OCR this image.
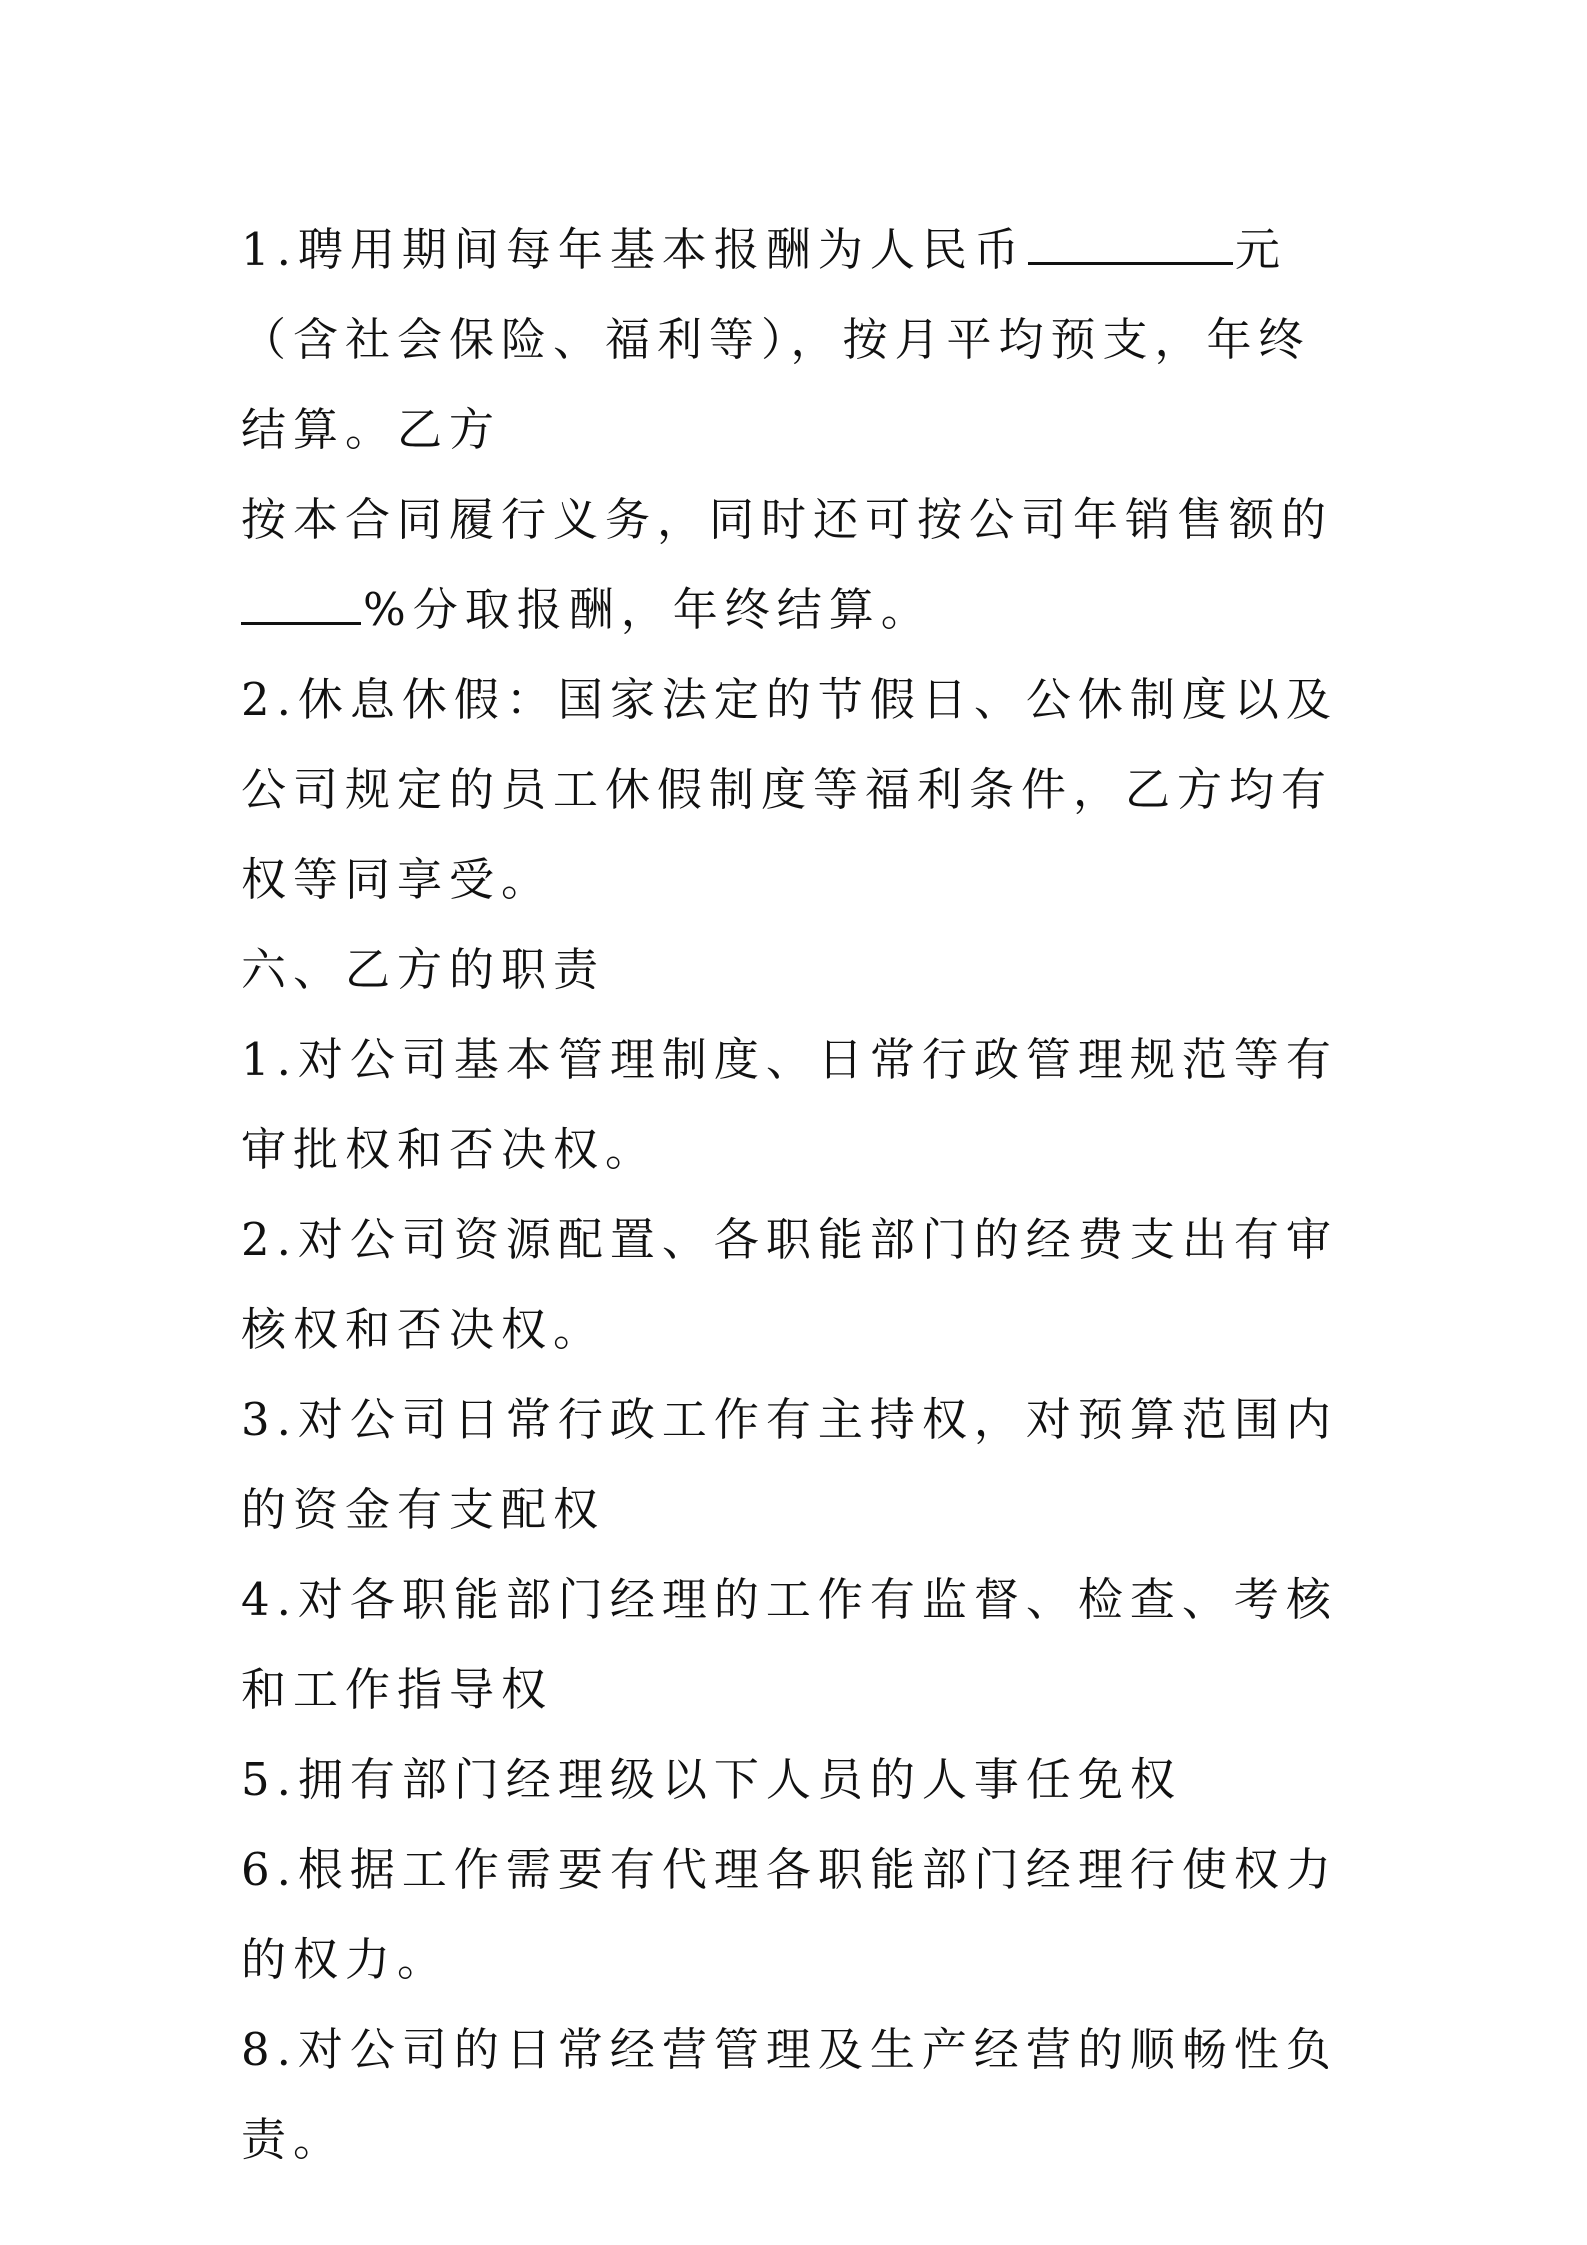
1.聘用期间每年基本报酬为人民币	元（含社会保险、福利等），按月平均预支，年终结算。乙方
按本合同履行义务，同时还可按公司年销售额的
%分取报酬，年终结算。
2.休息休假：国家法定的节假日、公休制度以及公司规定的员工休假制度等福利条件，乙方均有权等同享受。
六、乙方的职责
1.对公司基本管理制度、日常行政管理规范等有审批权和否决权。
2.对公司资源配置、各职能部门的经费支出有审核权和否决权。
3.对公司日常行政工作有主持权，对预算范围内的资金有支配权
4.对各职能部门经理的工作有监督、检查、考核和工作指导权
5.拥有部门经理级以下人员的人事任免权
6.根据工作需要有代理各职能部门经理行使权力的权力。
8.对公司的日常经营管理及生产经营的顺畅性负责。
